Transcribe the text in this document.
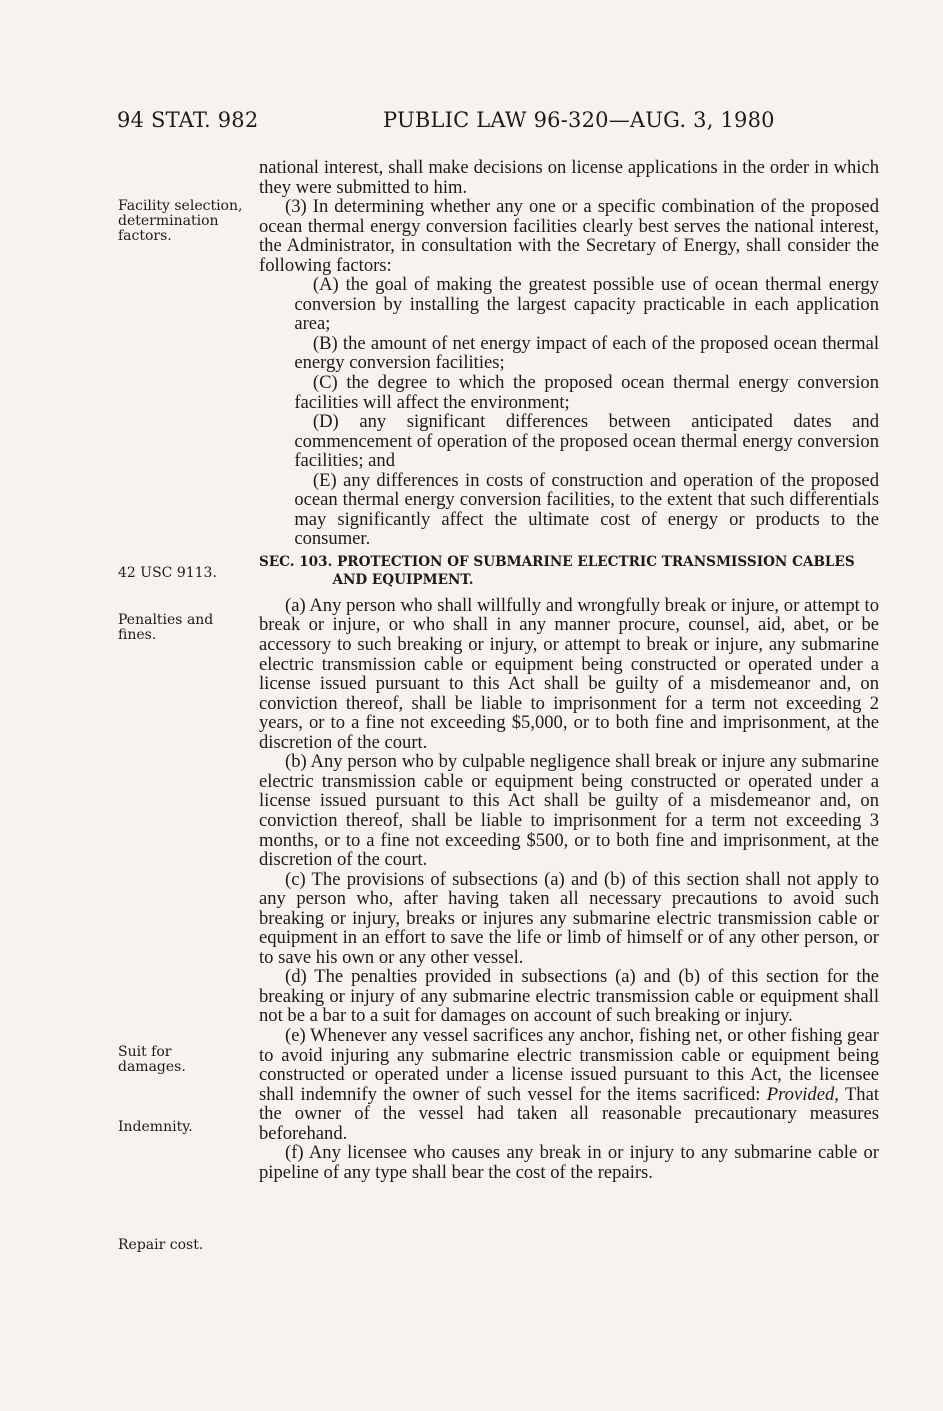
94 STAT. 982	PUBLIC LAW 96-320—AUG. 3, 1980
Facility selection, determination factors.
42 USC 9113.
Penalties and fines.
Suit for damages.
Indemnity.
Repair cost.

national interest, shall make decisions on license applications in the order in which they were submitted to him.

(3) In determining whether any one or a specific combination of the proposed ocean thermal energy conversion facilities clearly best serves the national interest, the Administrator, in consultation with the Secretary of Energy, shall consider the following factors:

(A) the goal of making the greatest possible use of ocean thermal energy conversion by installing the largest capacity practicable in each application area;

(B) the amount of net energy impact of each of the proposed ocean thermal energy conversion facilities;

(C) the degree to which the proposed ocean thermal energy conversion facilities will affect the environment;

(D) any significant differences between anticipated dates and commencement of operation of the proposed ocean thermal energy conversion facilities; and

(E) any differences in costs of construction and operation of the proposed ocean thermal energy conversion facilities, to the extent that such differentials may significantly affect the ultimate cost of energy or products to the consumer.

SEC. 103. PROTECTION OF SUBMARINE ELECTRIC TRANSMISSION CABLES
AND EQUIPMENT.

(a) Any person who shall willfully and wrongfully break or injure, or attempt to break or injure, or who shall in any manner procure, counsel, aid, abet, or be accessory to such breaking or injury, or attempt to break or injure, any submarine electric transmission cable or equipment being constructed or operated under a license issued pursuant to this Act shall be guilty of a misdemeanor and, on conviction thereof, shall be liable to imprisonment for a term not exceeding 2 years, or to a fine not exceeding $5,000, or to both fine and imprisonment, at the discretion of the court.

(b) Any person who by culpable negligence shall break or injure any submarine electric transmission cable or equipment being constructed or operated under a license issued pursuant to this Act shall be guilty of a misdemeanor and, on conviction thereof, shall be liable to imprisonment for a term not exceeding 3 months, or to a fine not exceeding $500, or to both fine and imprisonment, at the discretion of the court.

(c) The provisions of subsections (a) and (b) of this section shall not apply to any person who, after having taken all necessary precautions to avoid such breaking or injury, breaks or injures any submarine electric transmission cable or equipment in an effort to save the life or limb of himself or of any other person, or to save his own or any other vessel.

(d) The penalties provided in subsections (a) and (b) of this section for the breaking or injury of any submarine electric transmission cable or equipment shall not be a bar to a suit for damages on account of such breaking or injury.

(e) Whenever any vessel sacrifices any anchor, fishing net, or other fishing gear to avoid injuring any submarine electric transmission cable or equipment being constructed or operated under a license issued pursuant to this Act, the licensee shall indemnify the owner of such vessel for the items sacrificed: Provided, That the owner of the vessel had taken all reasonable precautionary measures beforehand.

(f) Any licensee who causes any break in or injury to any submarine cable or pipeline of any type shall bear the cost of the repairs.
